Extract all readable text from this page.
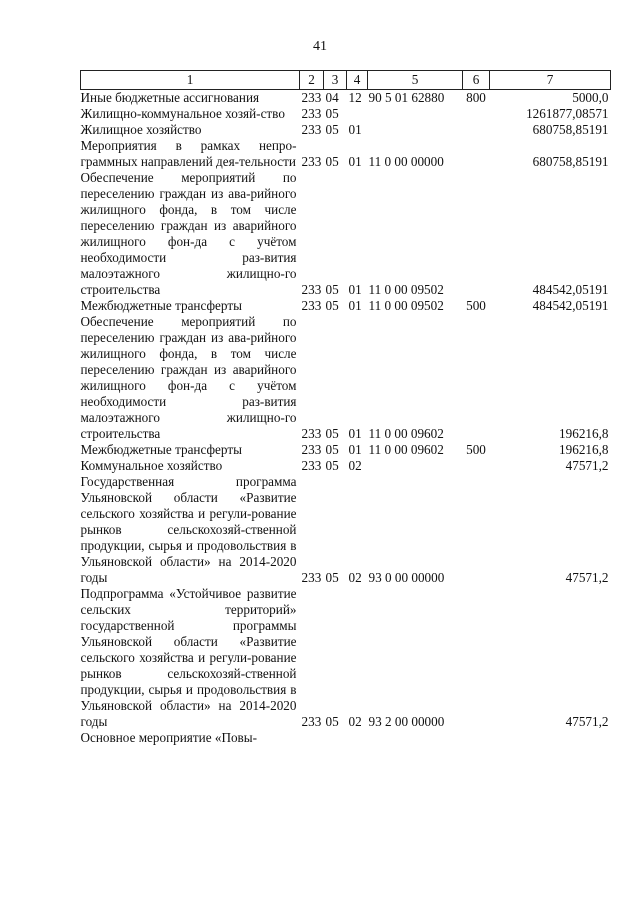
41
1	2	3	4	5	6	7
Иные бюджетные ассигнования	233	04	12	90 5 01 62880	800	5000,0
Жилищно-коммунальное хозяй-ство	233	05				1261877,08571
Жилищное хозяйство	233	05	01			680758,85191
Мероприятия в рамках непро-граммных направлений дея-тельности	233	05	01	11 0 00 00000		680758,85191
Обеспечение мероприятий по переселению граждан из ава-рийного жилищного фонда, в том числе переселению граждан из аварийного жилищного фон-да с учётом необходимости раз-вития малоэтажного жилищно-го строительства	233	05	01	11 0 00 09502		484542,05191
Межбюджетные трансферты	233	05	01	11 0 00 09502	500	484542,05191
Обеспечение мероприятий по переселению граждан из ава-рийного жилищного фонда, в том числе переселению граждан из аварийного жилищного фон-да с учётом необходимости раз-вития малоэтажного жилищно-го строительства	233	05	01	11 0 00 09602		196216,8
Межбюджетные трансферты	233	05	01	11 0 00 09602	500	196216,8
Коммунальное хозяйство	233	05	02			47571,2
Государственная программа Ульяновской области «Развитие сельского хозяйства и регули-рование рынков сельскохозяй-ственной продукции, сырья и продовольствия в Ульяновской области» на 2014-2020 годы	233	05	02	93 0 00 00000		47571,2
Подпрограмма «Устойчивое развитие сельских территорий» государственной программы Ульяновской области «Развитие сельского хозяйства и регули-рование рынков сельскохозяй-ственной продукции, сырья и продовольствия в Ульяновской области» на 2014-2020 годы	233	05	02	93 2 00 00000		47571,2
Основное мероприятие «Повы-						
